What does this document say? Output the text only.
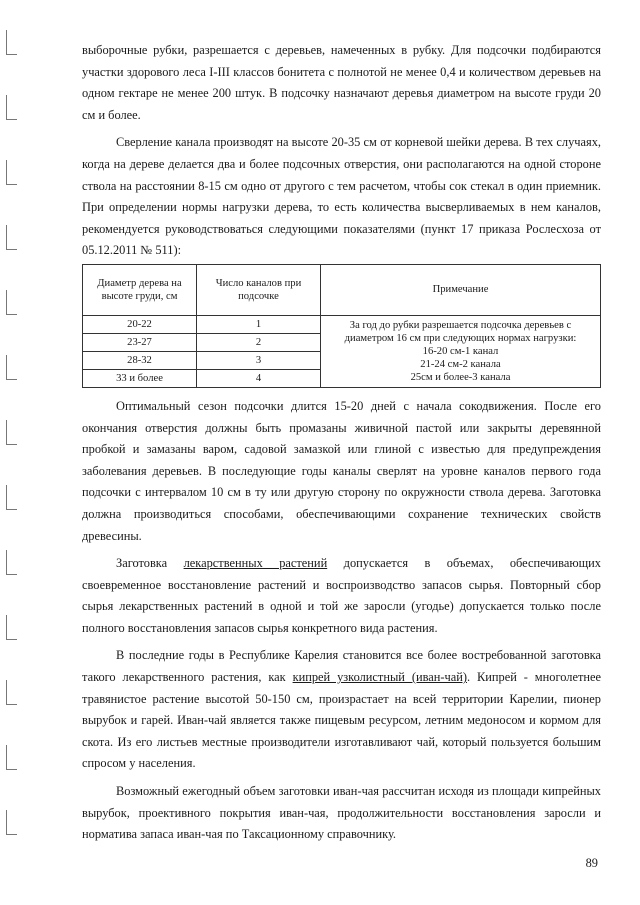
выборочные рубки, разрешается с деревьев, намеченных в рубку. Для подсочки подбираются участки здорового леса I-III классов бонитета с полнотой не менее 0,4 и количеством деревьев на одном гектаре не менее 200 штук. В подсочку назначают деревья диаметром на высоте груди 20 см и более.

Сверление канала производят на высоте 20-35 см от корневой шейки дерева. В тех случаях, когда на дереве делается два и более подсочных отверстия, они располагаются на одной стороне ствола на расстоянии 8-15 см одно от другого с тем расчетом, чтобы сок стекал в один приемник. При определении нормы нагрузки дерева, то есть количества высверливаемых в нем каналов, рекомендуется руководствоваться следующими показателями (пункт 17 приказа Рослесхоза от 05.12.2011 № 511):

Диаметр дерева на высоте груди, см	Число каналов при подсочке	Примечание
20-22	1	За год до рубки разрешается подсочка деревьев с диаметром 16 см при следующих нормах нагрузки:
16-20 см-1 канал
21-24 см-2 канала
25см и более-3 канала

23-27	2	
28-32	3	
33 и более	4	

Оптимальный сезон подсочки длится 15-20 дней с начала сокодвижения. После его окончания отверстия должны быть промазаны живичной пастой или закрыты деревянной пробкой и замазаны варом, садовой замазкой или глиной с известью для предупреждения заболевания деревьев. В последующие годы каналы сверлят на уровне каналов первого года подсочки с интервалом 10 см в ту или другую сторону по окружности ствола дерева. Заготовка должна производиться способами, обеспечивающими сохранение технических свойств древесины.

Заготовка лекарственных растений допускается в объемах, обеспечивающих своевременное восстановление растений и воспроизводство запасов сырья. Повторный сбор сырья лекарственных растений в одной и той же заросли (угодье) допускается только после полного восстановления запасов сырья конкретного вида растения.

В последние годы в Республике Карелия становится все более востребованной заготовка такого лекарственного растения, как кипрей узколистный (иван-чай). Кипрей - многолетнее травянистое растение высотой 50-150 см, произрастает на всей территории Карелии, пионер вырубок и гарей. Иван-чай является также пищевым ресурсом, летним медоносом и кормом для скота. Из его листьев местные производители изготавливают чай, который пользуется большим спросом у населения.

Возможный ежегодный объем заготовки иван-чая рассчитан исходя из площади кипрейных вырубок, проективного покрытия иван-чая, продолжительности восстановления заросли и норматива запаса иван-чая по Таксационному справочнику.

89
